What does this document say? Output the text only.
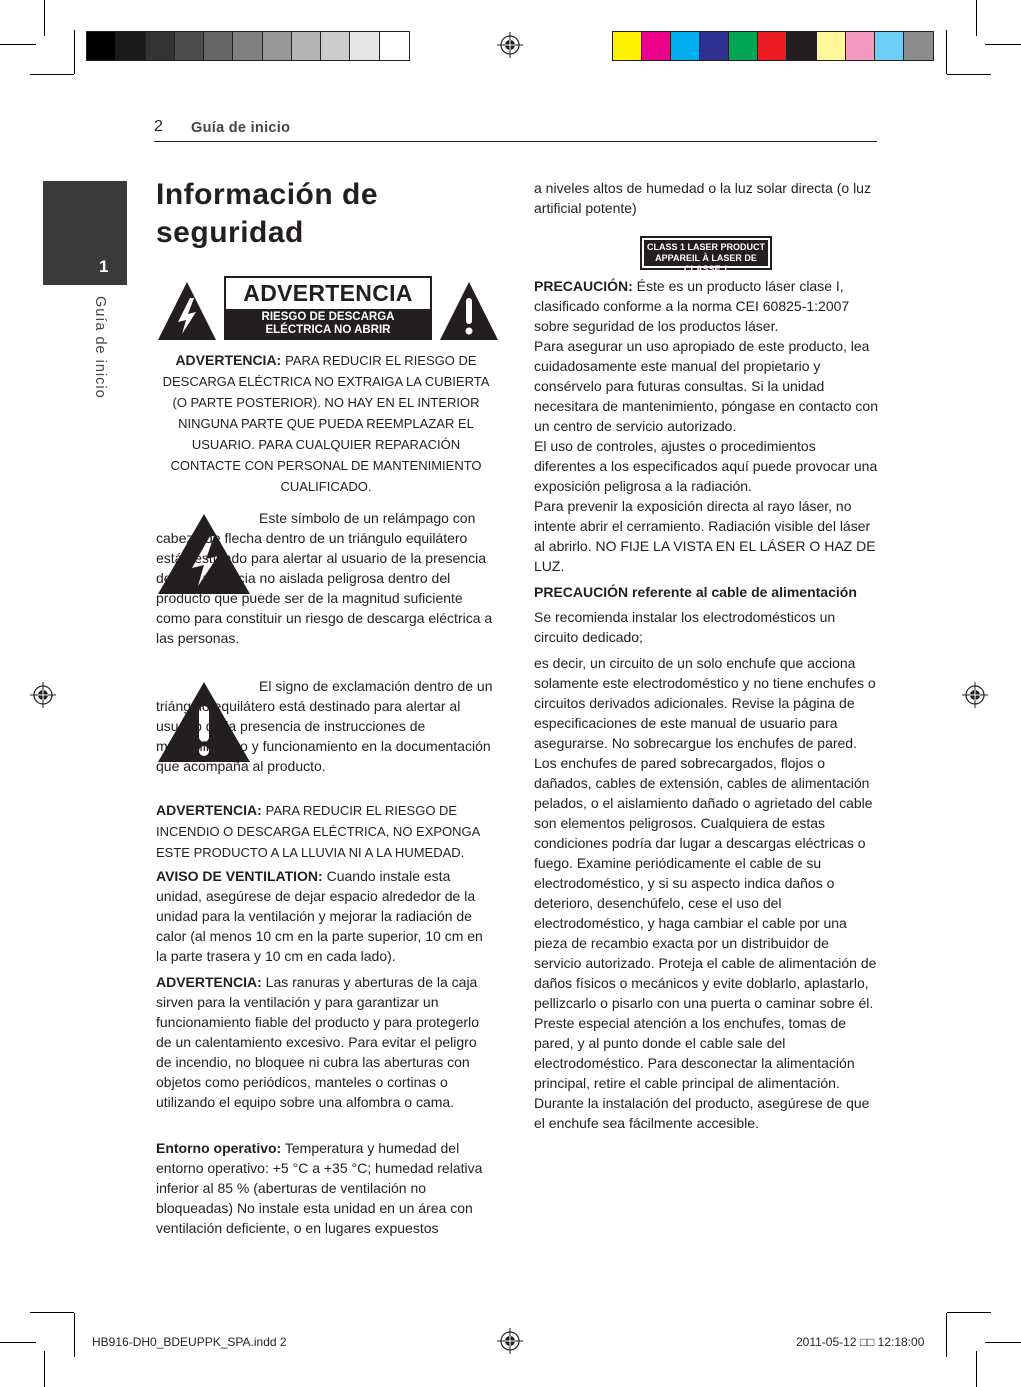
2 Guía de inicio
1
Guía de inicio
Información de seguridad
ADVERTENCIA
RIESGO DE DESCARGA
ELÉCTRICA NO ABRIR
ADVERTENCIA: PARA REDUCIR EL RIESGO DE DESCARGA ELÉCTRICA NO EXTRAIGA LA CUBIERTA (O PARTE POSTERIOR). NO HAY EN EL INTERIOR NINGUNA PARTE QUE PUEDA REEMPLAZAR EL USUARIO. PARA CUALQUIER REPARACIÓN CONTACTE CON PERSONAL DE MANTENIMIENTO CUALIFICADO.

Este símbolo de un relámpago con cabeza de flecha dentro de un triángulo equilátero está destinado para alertar al usuario de la presencia de una potencia no aislada peligrosa dentro del producto que puede ser de la magnitud suficiente como para constituir un riesgo de descarga eléctrica a las personas.

AVISO DE VENTILATION: Cuando instale esta unidad, asegúrese de dejar espacio alrededor de la unidad para la ventilación y mejorar la radiación de calor (al menos 10 cm en la parte superior, 10 cm en la parte trasera y 10 cm en cada lado).
ADVERTENCIA: Las ranuras y aberturas de la caja sirven para la ventilación y para garantizar un funcionamiento fiable del producto y para protegerlo de un calentamiento excesivo. Para evitar el peligro de incendio, no bloquee ni cubra las aberturas con objetos como periódicos, manteles o cortinas o utilizando el equipo sobre una alfombra o cama.
Entorno operativo: Temperatura y humedad del entorno operativo: +5 °C a +35 °C; humedad relativa inferior al 85 % (aberturas de ventilación no bloqueadas) No instale esta unidad en un área con ventilación deficiente, o en lugares expuestos
a niveles altos de humedad o la luz solar directa (o luz artificial potente)
CLASS 1 LASER PRODUCT
APPAREIL À LASER DE CLASSE 1

PRECAUCIÓN: Éste es un producto láser clase I, clasificado conforme a la norma CEI 60825-1:2007 sobre seguridad de los productos láser.

Para asegurar un uso apropiado de este producto, lea cuidadosamente este manual del propietario y consérvelo para futuras consultas. Si la unidad necesitara de mantenimiento, póngase en contacto con un centro de servicio autorizado.

El uso de controles, ajustes o procedimientos diferentes a los especificados aquí puede provocar una exposición peligrosa a la radiación.

Para prevenir la exposición directa al rayo láser, no intente abrir el cerramiento. Radiación visible del láser al abrirlo. NO FIJE LA VISTA EN EL LÁSER O HAZ DE LUZ.

PRECAUCIÓN referente al cable de alimentación
Se recomienda instalar los electrodomésticos un circuito dedicado;
es decir, un circuito de un solo enchufe que acciona solamente este electrodoméstico y no tiene enchufes o circuitos derivados adicionales. Revise la página de especificaciones de este manual de usuario para asegurarse. No sobrecargue los enchufes de pared. Los enchufes de pared sobrecargados, flojos o dañados, cables de extensión, cables de alimentación pelados, o el aislamiento dañado o agrietado del cable son elementos peligrosos. Cualquiera de estas condiciones podría dar lugar a descargas eléctricas o fuego. Examine periódicamente el cable de su electrodoméstico, y si su aspecto indica daños o deterioro, desenchúfelo, cese el uso del electrodoméstico, y haga cambiar el cable por una pieza de recambio exacta por un distribuidor de servicio autorizado. Proteja el cable de alimentación de daños físicos o mecánicos y evite doblarlo, aplastarlo, pellizcarlo o pisarlo con una puerta o caminar sobre él. Preste especial atención a los enchufes, tomas de pared, y al punto donde el cable sale del electrodoméstico. Para desconectar la alimentación principal, retire el cable principal de alimentación. Durante la instalación del producto, asegúrese de que el enchufe sea fácilmente accesible.

El signo de exclamación dentro de un triángulo equilátero está destinado para alertar al usuario de la presencia de instrucciones de mantenimiento y funcionamiento en la documentación que acompaña al producto.

ADVERTENCIA: PARA REDUCIR EL RIESGO DE INCENDIO O DESCARGA ELÉCTRICA, NO EXPONGA ESTE PRODUCTO A LA LLUVIA NI A LA HUMEDAD.
HB916-DH0_BDEUPPK_SPA.indd 2	2011-05-12 □□ 12:18:00
